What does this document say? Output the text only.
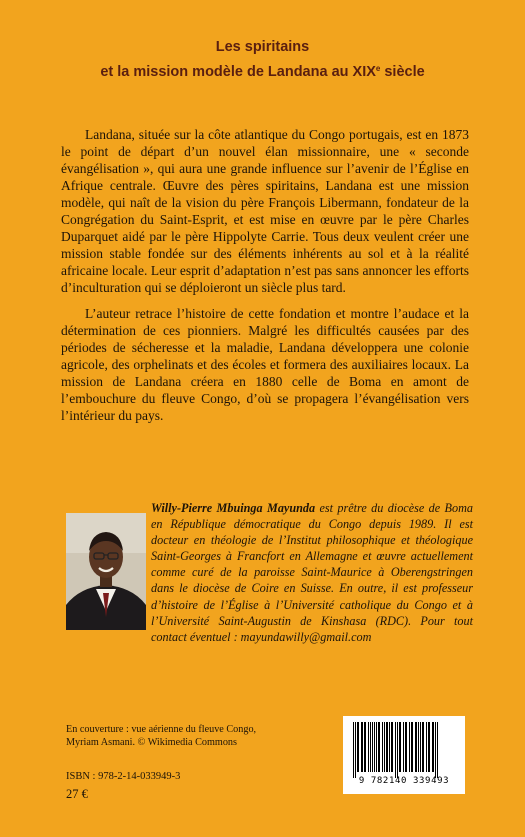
Les spiritains
et la mission modèle de Landana au XIXe siècle

Landana, située sur la côte atlantique du Congo portugais, est en 1873 le point de départ d’un nouvel élan missionnaire, une « seconde évangélisation », qui aura une grande influence sur l’avenir de l’Église en Afrique centrale. Œuvre des pères spiritains, Landana est une mission modèle, qui naît de la vision du père François Libermann, fondateur de la Congrégation du Saint-Esprit, et est mise en œuvre par le père Charles Duparquet aidé par le père Hippolyte Carrie. Tous deux veulent créer une mission stable fondée sur des éléments inhérents au sol et à la réalité africaine locale. Leur esprit d’adaptation n’est pas sans annoncer les efforts d’inculturation qui se déploieront un siècle plus tard.

L’auteur retrace l’histoire de cette fondation et montre l’audace et la détermination de ces pionniers. Malgré les difficultés causées par des périodes de sécheresse et la maladie, Landana développera une colonie agricole, des orphelinats et des écoles et formera des auxiliaires locaux. La mission de Landana créera en 1880 celle de Boma en amont de l’embouchure du fleuve Congo, d’où se propagera l’évangélisation vers l’intérieur du pays.

Willy-Pierre Mbuinga Mayunda est prêtre du diocèse de Boma en République démocratique du Congo depuis 1989. Il est docteur en théologie de l’Institut philosophique et théologique Saint-Georges à Francfort en Allemagne et œuvre actuellement comme curé de la paroisse Saint-Maurice à Oberengstringen dans le diocèse de Coire en Suisse. En outre, il est professeur d’histoire de l’Église à l’Université catholique du Congo et à l’Université Saint-Augustin de Kinshasa (RDC). Pour tout contact éventuel : mayundawilly@gmail.com
En couverture : vue aérienne du fleuve Congo,
Myriam Asmani. © Wikimedia Commons
ISBN : 978-2-14-033949-3
27 €
9 782140 339493
